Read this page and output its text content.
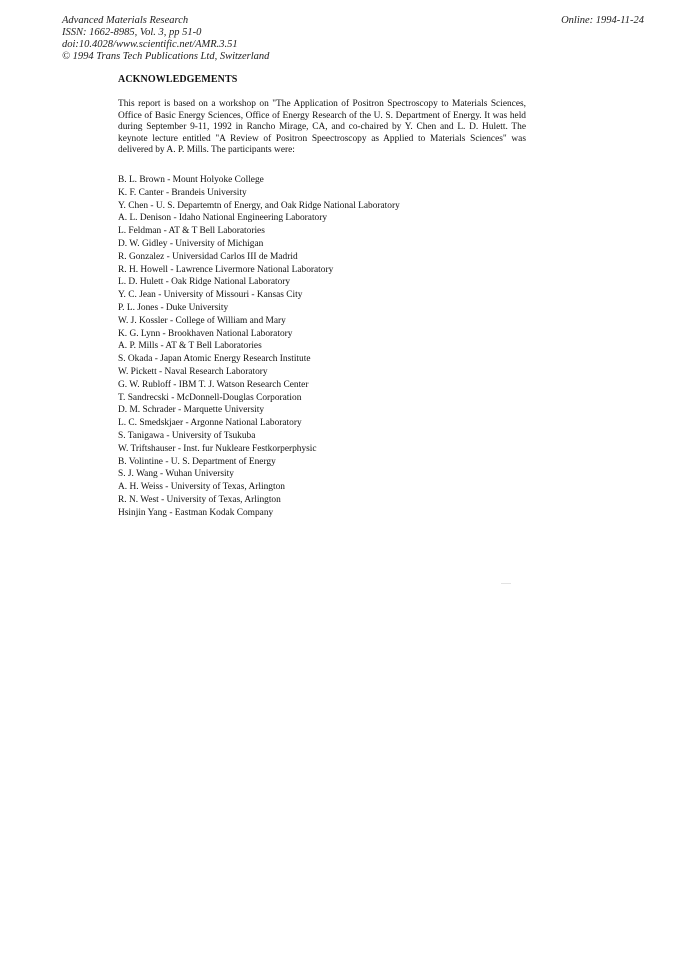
Advanced Materials Research
ISSN: 1662-8985, Vol. 3, pp 51-0
doi:10.4028/www.scientific.net/AMR.3.51
© 1994 Trans Tech Publications Ltd, Switzerland
Online: 1994-11-24
ACKNOWLEDGEMENTS

This report is based on a workshop on "The Application of Positron Spectroscopy to Materials Sciences, Office of Basic Energy Sciences, Office of Energy Research of the U. S. Department of Energy. It was held during September 9-11, 1992 in Rancho Mirage, CA, and co-chaired by Y. Chen and L. D. Hulett. The keynote lecture entitled "A Review of Positron Speectroscopy as Applied to Materials Sciences" was delivered by A. P. Mills. The participants were:

B. L. Brown - Mount Holyoke College
K. F. Canter - Brandeis University
Y. Chen - U. S. Departemtn of Energy, and Oak Ridge National Laboratory
A. L. Denison - Idaho National Engineering Laboratory
L. Feldman - AT & T Bell Laboratories
D. W. Gidley - University of Michigan
R. Gonzalez - Universidad Carlos III de Madrid
R. H. Howell - Lawrence Livermore National Laboratory
L. D. Hulett - Oak Ridge National Laboratory
Y. C. Jean - University of Missouri - Kansas City
P. L. Jones - Duke University
W. J. Kossler - College of William and Mary
K. G. Lynn - Brookhaven National Laboratory
A. P. Mills - AT & T Bell Laboratories
S. Okada - Japan Atomic Energy Research Institute
W. Pickett - Naval Research Laboratory
G. W. Rubloff - IBM T. J. Watson Research Center
T. Sandrecski - McDonnell-Douglas Corporation
D. M. Schrader - Marquette University
L. C. Smedskjaer - Argonne National Laboratory
S. Tanigawa - University of Tsukuba
W. Triftshauser - Inst. fur Nukleare Festkorperphysic
B. Volintine - U. S. Department of Energy
S. J. Wang - Wuhan University
A. H. Weiss - University of Texas, Arlington
R. N. West - University of Texas, Arlington
Hsinjin Yang - Eastman Kodak Company
